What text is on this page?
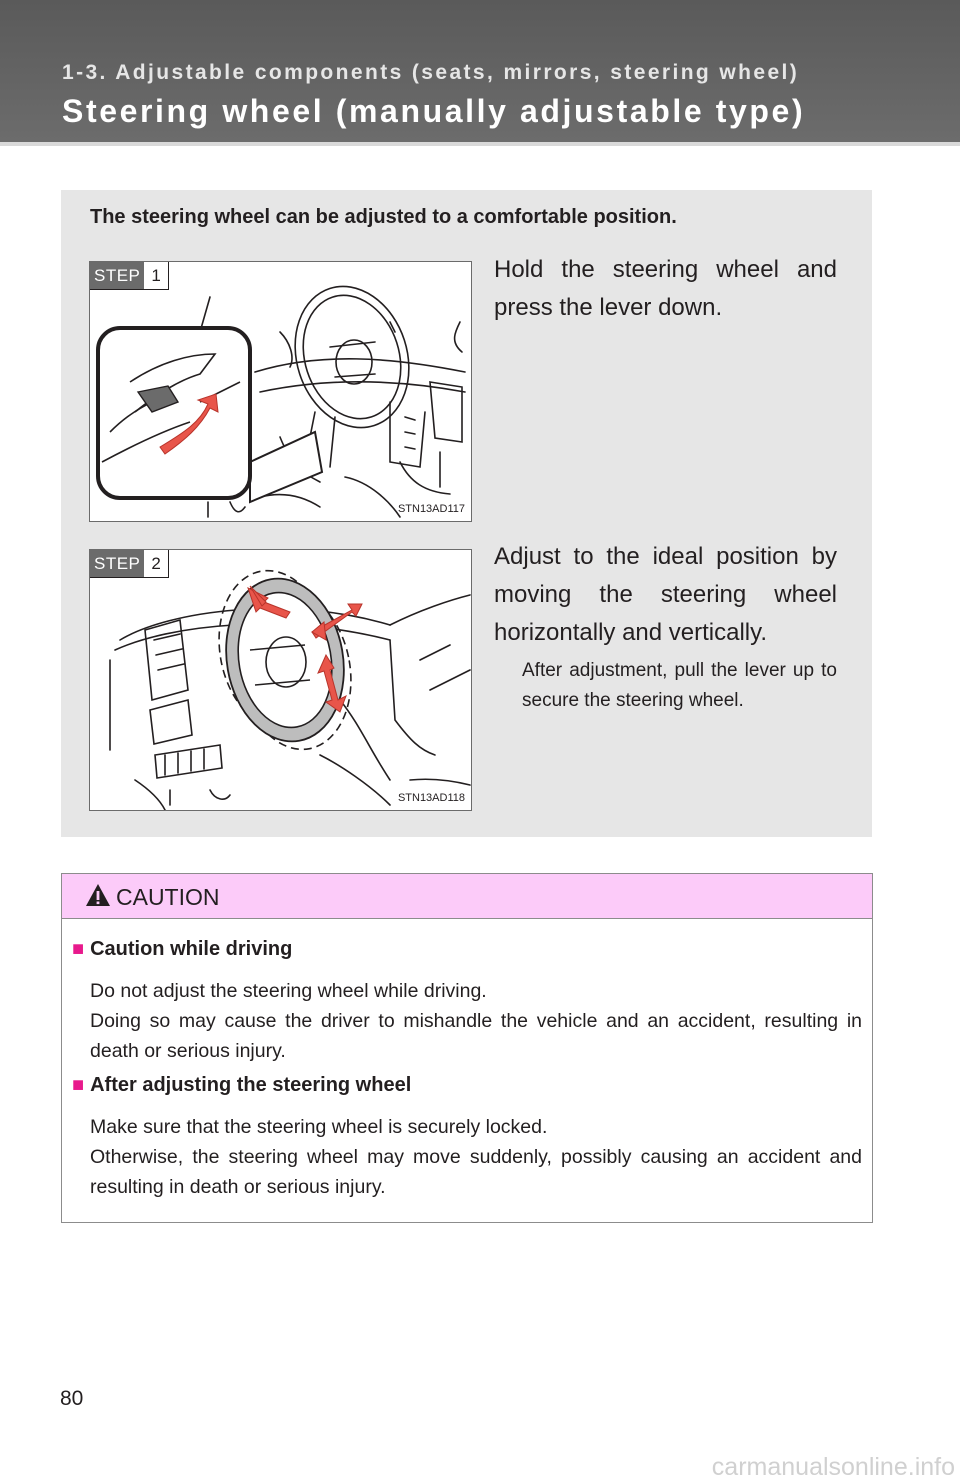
1-3. Adjustable components (seats, mirrors, steering wheel)
Steering wheel (manually adjustable type)
The steering wheel can be adjusted to a comfortable position.
STEP 1
STN13AD117
Hold the steering wheel and press the lever down.
STEP 2
STN13AD118
Adjust to the ideal position by moving the steering wheel horizontally and vertically.
After adjustment, pull the lever up to secure the steering wheel.
CAUTION
■ Caution while driving
Do not adjust the steering wheel while driving.
Doing so may cause the driver to mishandle the vehicle and an accident, resulting in death or serious injury.
■ After adjusting the steering wheel
Make sure that the steering wheel is securely locked.
Otherwise, the steering wheel may move suddenly, possibly causing an accident and resulting in death or serious injury.
80
carmanualsonline.info
